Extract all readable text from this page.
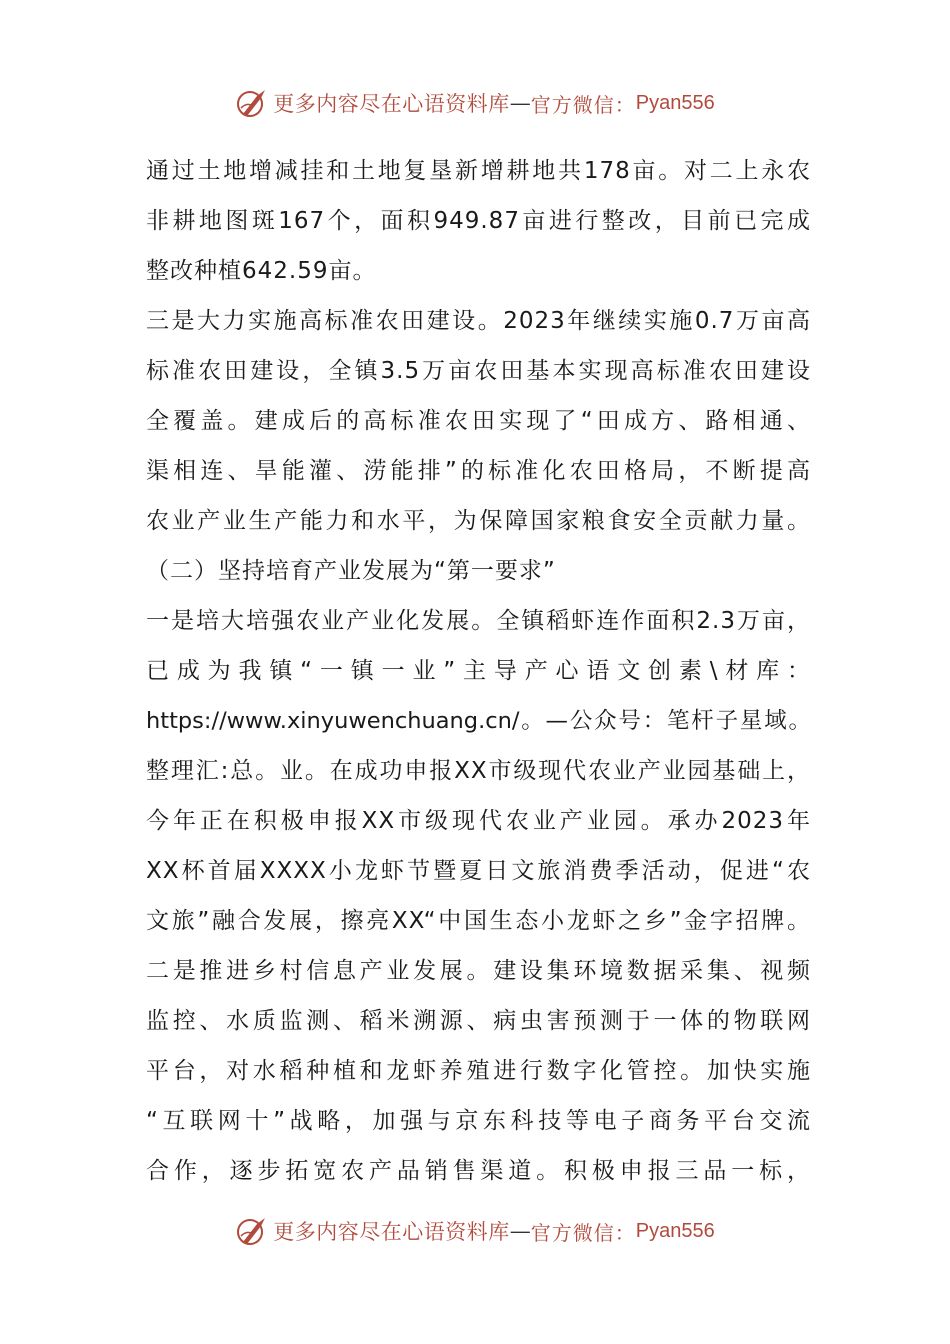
更多内容尽在心语资料库 — 官方微信： Pyan556
通过土地增减挂和土地复垦新增耕地共178亩。对二上永农
非耕地图斑167个，面积949.87亩进行整改，目前已完成
整改种植642.59亩。
三是大力实施高标准农田建设。2023年继续实施0.7万亩高
标准农田建设，全镇3.5万亩农田基本实现高标准农田建设
全覆盖。建成后的高标准农田实现了“田成方、路相通、
渠相连、旱能灌、涝能排”的标准化农田格局，不断提高
农业产业生产能力和水平，为保障国家粮食安全贡献力量。
（二）坚持培育产业发展为“第一要求”
一是培大培强农业产业化发展。全镇稻虾连作面积2.3万亩，
已成为我镇“一镇一业”主导产心语文创素\材库：
https://www.xinyuwenchuang.cn/。—公众号：笔杆子星域。
整理汇:总。业。在成功申报XX市级现代农业产业园基础上，
今年正在积极申报XX市级现代农业产业园。承办2023年
XX杯首届XXXX小龙虾节暨夏日文旅消费季活动，促进“农
文旅”融合发展，擦亮XX“中国生态小龙虾之乡”金字招牌。
二是推进乡村信息产业发展。建设集环境数据采集、视频
监控、水质监测、稻米溯源、病虫害预测于一体的物联网
平台，对水稻种植和龙虾养殖进行数字化管控。加快实施
“互联网十”战略，加强与京东科技等电子商务平台交流
合作，逐步拓宽农产品销售渠道。积极申报三品一标，
更多内容尽在心语资料库 — 官方微信： Pyan556
